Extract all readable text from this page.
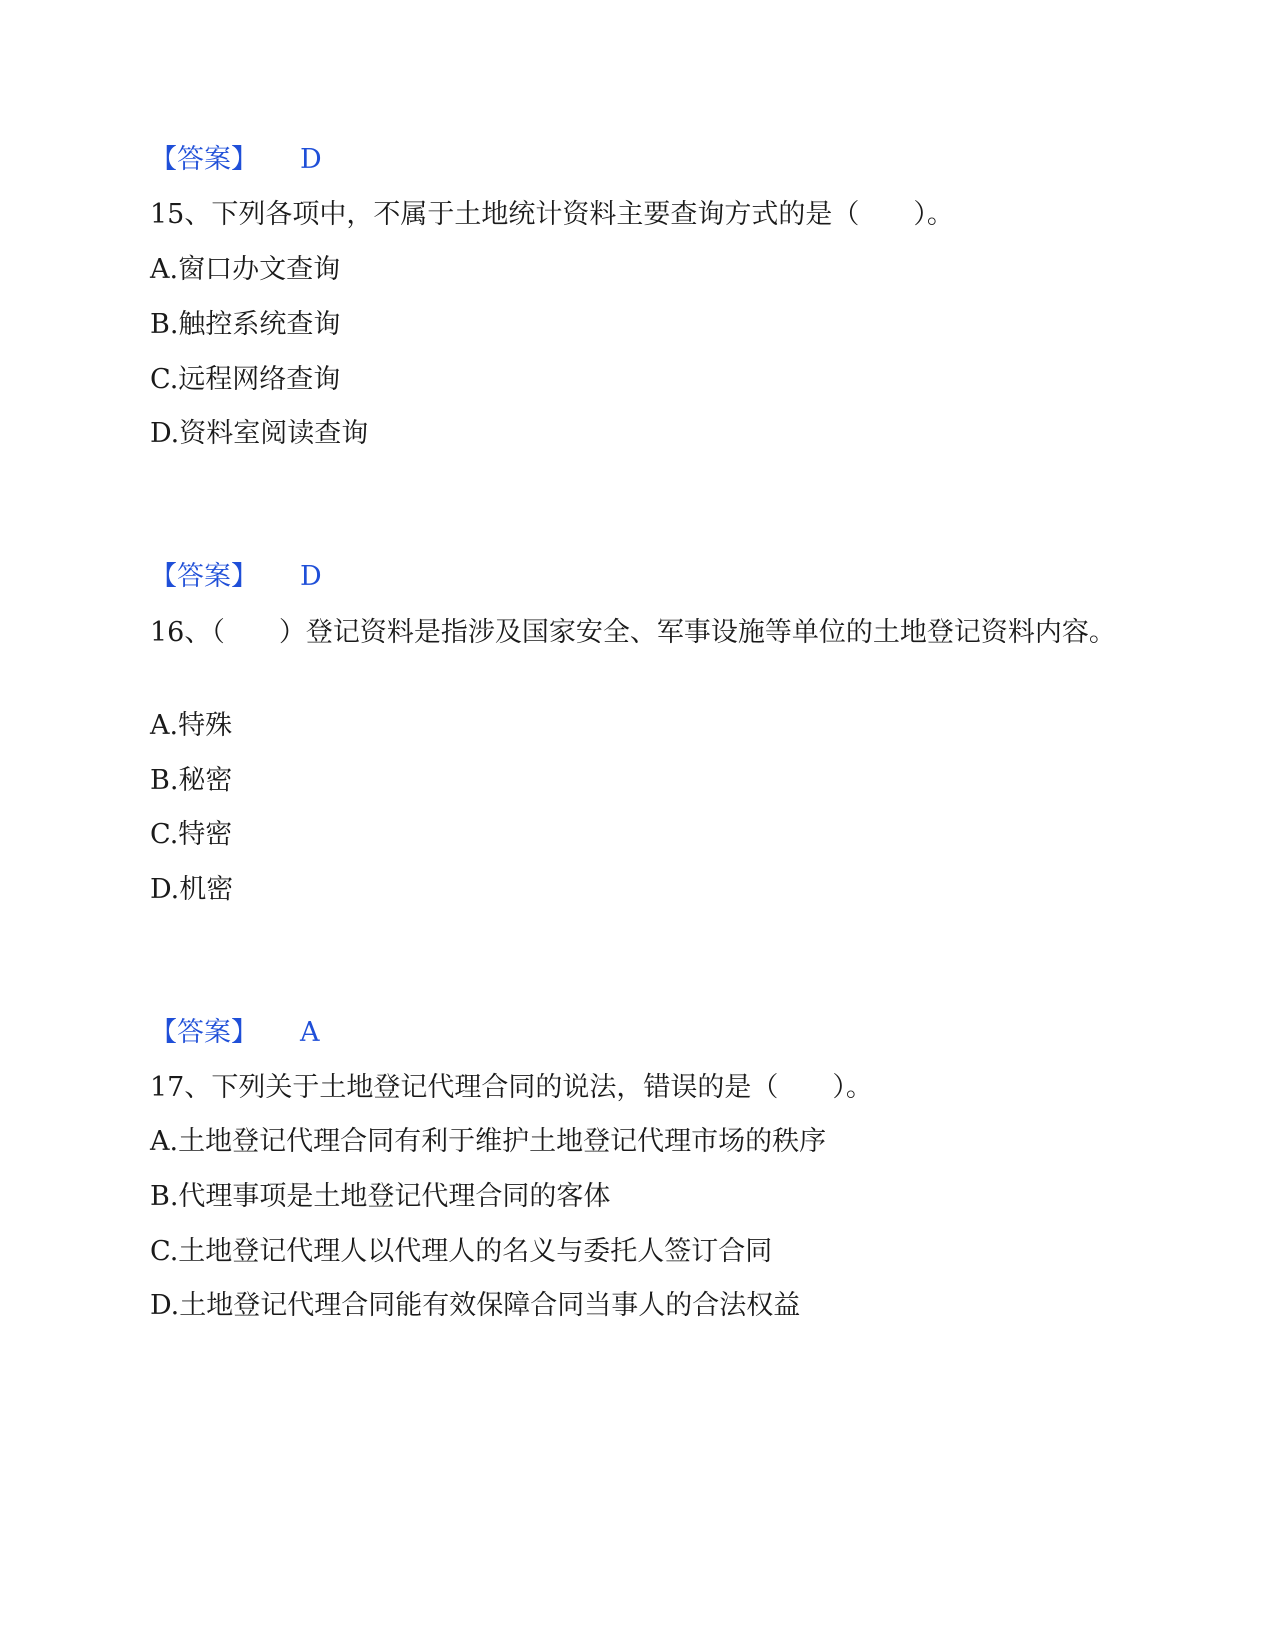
【答案】 D
15、下列各项中，不属于土地统计资料主要查询方式的是（　　）。
A.窗口办文查询
B.触控系统查询
C.远程网络查询
D.资料室阅读查询
【答案】 D
16、（　　）登记资料是指涉及国家安全、军事设施等单位的土地登记资料内容。
A.特殊
B.秘密
C.特密
D.机密
【答案】 A
17、下列关于土地登记代理合同的说法，错误的是（　　）。
A.土地登记代理合同有利于维护土地登记代理市场的秩序
B.代理事项是土地登记代理合同的客体
C.土地登记代理人以代理人的名义与委托人签订合同
D.土地登记代理合同能有效保障合同当事人的合法权益
